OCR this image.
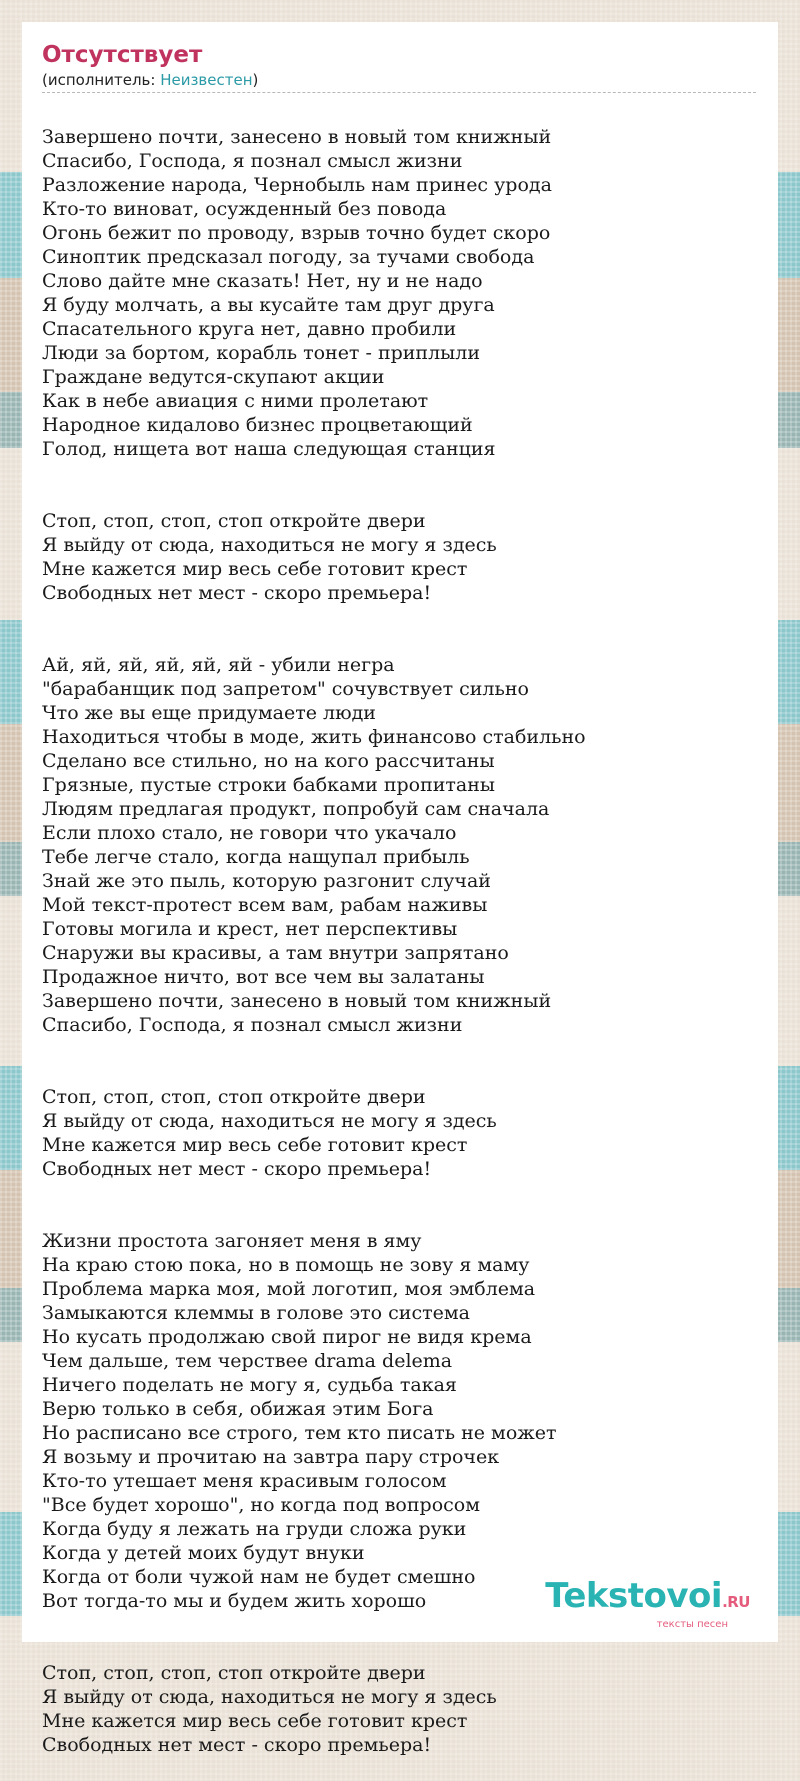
Отсутствует
(исполнитель: Неизвестен)

Завершено почти, занесено в новый том книжный
Спасибо, Господа, я познал смысл жизни
Разложение народа, Чернобыль нам принес урода
Кто-то виноват, осужденный без повода
Огонь бежит по проводу, взрыв точно будет скоро
Синоптик предсказал погоду, за тучами свобода
Слово дайте мне сказать! Нет, ну и не надо
Я буду молчать, а вы кусайте там друг друга
Спасательного круга нет, давно пробили
Люди за бортом, корабль тонет - приплыли
Граждане ведутся-скупают акции
Как в небе авиация с ними пролетают
Народное кидалово бизнес процветающий
Голод, нищета вот наша следующая станция

Стоп, стоп, стоп, стоп откройте двери
Я выйду от сюда, находиться не могу я здесь
Мне кажется мир весь себе готовит крест
Свободных нет мест - скоро премьера!

Ай, яй, яй, яй, яй, яй - убили негра
"барабанщик под запретом" сочувствует сильно
Что же вы еще придумаете люди
Находиться чтобы в моде, жить финансово стабильно
Сделано все стильно, но на кого рассчитаны
Грязные, пустые строки бабками пропитаны
Людям предлагая продукт, попробуй сам сначала
Если плохо стало, не говори что укачало
Тебе легче стало, когда нащупал прибыль
Знай же это пыль, которую разгонит случай
Мой текст-протест всем вам, рабам наживы
Готовы могила и крест, нет перспективы
Снаружи вы красивы, а там внутри запрятано
Продажное ничто, вот все чем вы залатаны
Завершено почти, занесено в новый том книжный
Спасибо, Господа, я познал смысл жизни

Стоп, стоп, стоп, стоп откройте двери
Я выйду от сюда, находиться не могу я здесь
Мне кажется мир весь себе готовит крест
Свободных нет мест - скоро премьера!

Жизни простота загоняет меня в яму
На краю стою пока, но в помощь не зову я маму
Проблема марка моя, мой логотип, моя эмблема
Замыкаются клеммы в голове это система
Но кусать продолжаю свой пирог не видя крема
Чем дальше, тем черствее drama delema
Ничего поделать не могу я, судьба такая
Верю только в себя, обижая этим Бога
Но расписано все строго, тем кто писать не может
Я возьму и прочитаю на завтра пару строчек
Кто-то утешает меня красивым голосом
"Все будет хорошо", но когда под вопросом
Когда буду я лежать на груди сложа руки
Когда у детей моих будут внуки
Когда от боли чужой нам не будет смешно
Вот тогда-то мы и будем жить хорошо

Стоп, стоп, стоп, стоп откройте двери
Я выйду от сюда, находиться не могу я здесь
Мне кажется мир весь себе готовит крест
Свободных нет мест - скоро премьера!

Tekstovoi.RU
тексты песен
